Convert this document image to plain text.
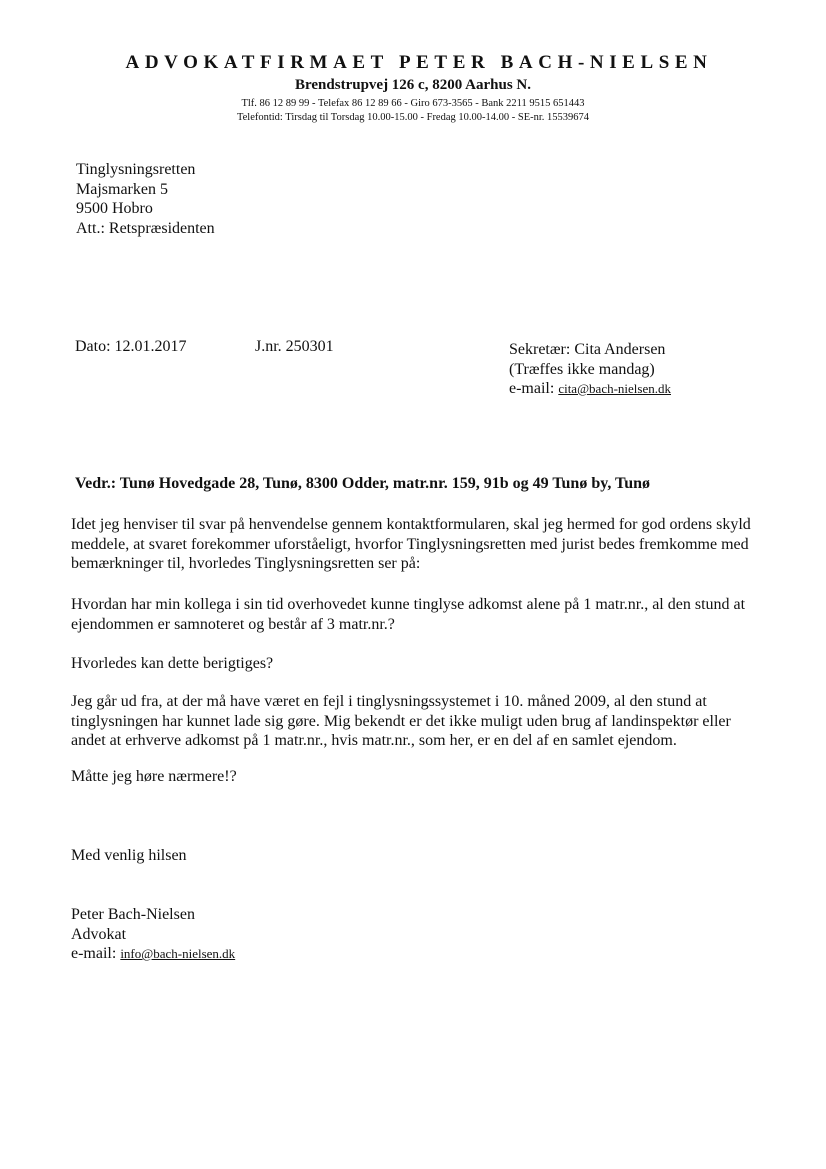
ADVOKATFIRMAET PETER BACH-NIELSEN
Brendstrupvej 126 c, 8200 Aarhus N.
Tlf. 86 12 89 99 - Telefax 86 12 89 66 - Giro 673-3565 - Bank 2211 9515 651443
Telefontid: Tirsdag til Torsdag 10.00-15.00 - Fredag 10.00-14.00 - SE-nr. 15539674
Tinglysningsretten
Majsmarken 5
9500 Hobro
Att.: Retspræsidenten
Dato: 12.01.2017	J.nr. 250301	Sekretær: Cita Andersen
(Træffes ikke mandag)
e-mail: cita@bach-nielsen.dk
Vedr.: Tunø Hovedgade 28, Tunø, 8300 Odder, matr.nr. 159, 91b og 49 Tunø by, Tunø
Idet jeg henviser til svar på henvendelse gennem kontaktformularen, skal jeg hermed for god ordens skyld meddele, at svaret forekommer uforståeligt, hvorfor Tinglysningsretten med jurist bedes fremkomme med bemærkninger til, hvorledes Tinglysningsretten ser på:
Hvordan har min kollega i sin tid overhovedet kunne tinglyse adkomst alene på 1 matr.nr., al den stund at ejendommen er samnoteret og består af 3 matr.nr.?
Hvorledes kan dette berigtiges?
Jeg går ud fra, at der må have været en fejl i tinglysningssystemet i 10. måned 2009, al den stund at tinglysningen har kunnet lade sig gøre. Mig bekendt er det ikke muligt uden brug af landinspektør eller andet at erhverve adkomst på 1 matr.nr., hvis matr.nr., som her, er en del af en samlet ejendom.
Måtte jeg høre nærmere!?
Med venlig hilsen
Peter Bach-Nielsen
Advokat
e-mail: info@bach-nielsen.dk
